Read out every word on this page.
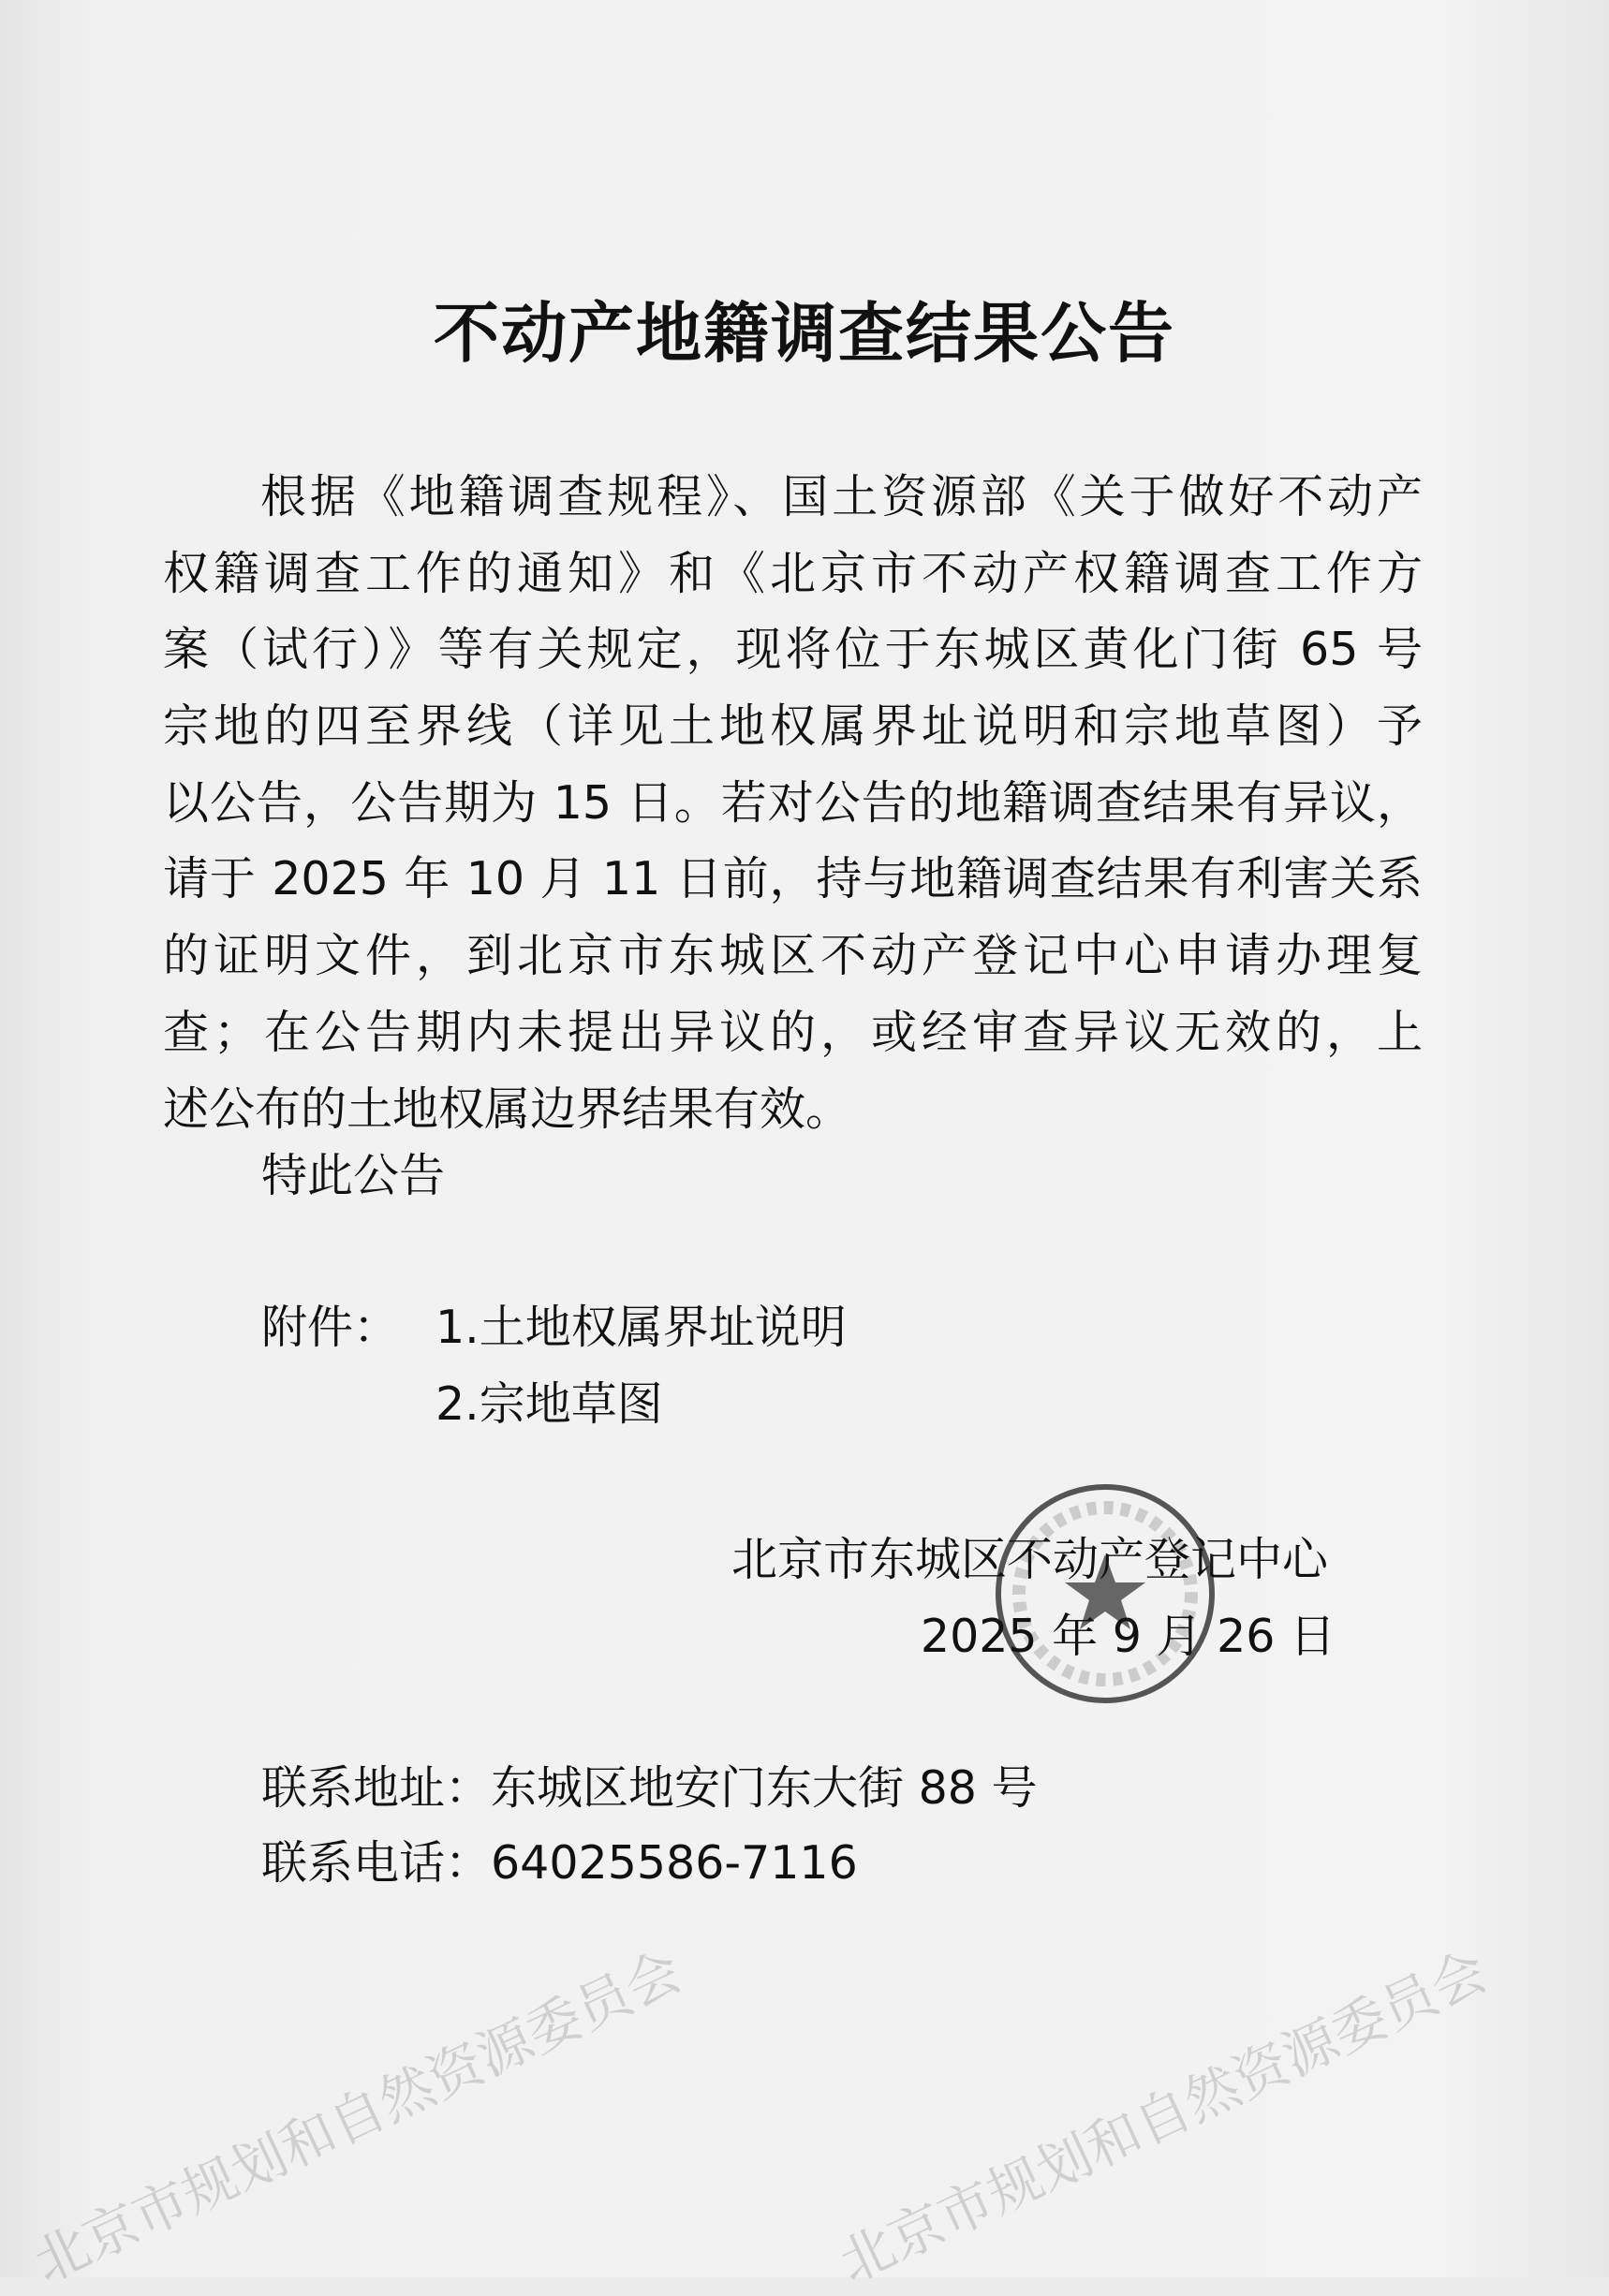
北京市规划和自然资源委员会	北京市规划和自然资源委员会
不动产地籍调查结果公告
根据《地籍调查规程》、国土资源部《关于做好不动产
权籍调查工作的通知》和《北京市不动产权籍调查工作方
案（试行）》等有关规定，现将位于东城区黄化门街 65 号
宗地的四至界线（详见土地权属界址说明和宗地草图）予
以公告，公告期为 15 日。若对公告的地籍调查结果有异议，
请于 2025 年 10 月 11 日前，持与地籍调查结果有利害关系
的证明文件，到北京市东城区不动产登记中心申请办理复
查；在公告期内未提出异议的，或经审查异议无效的，上
述公布的土地权属边界结果有效。
特此公告
附件： 1.土地权属界址说明
2.宗地草图
北京市东城区不动产登记中心
2025 年 9 月 26 日
联系地址：东城区地安门东大街 88 号
联系电话：64025586-7116
